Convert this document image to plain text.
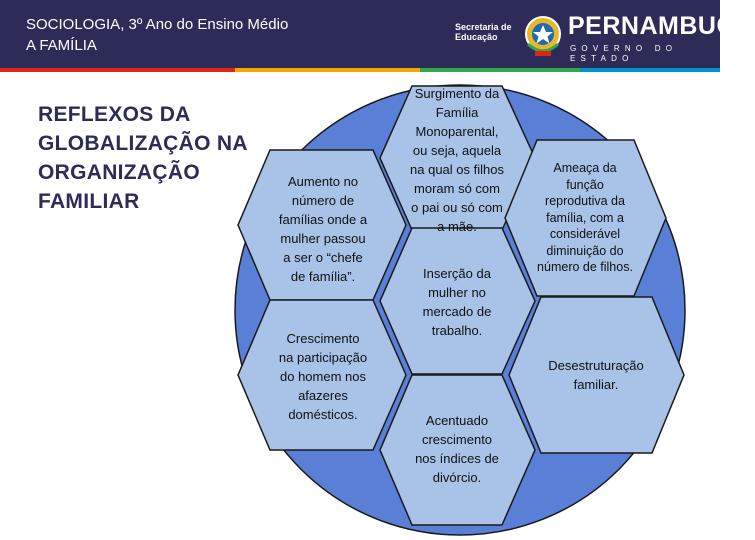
SOCIOLOGIA, 3º Ano do Ensino Médio
A FAMÍLIA
Secretaria de
Educação	PERNAMBUCO
GOVERNO DO ESTADO
REFLEXOS DA
GLOBALIZAÇÃO NA
ORGANIZAÇÃO
FAMILIAR
Surgimento da
Família
Monoparental,
ou seja, aquela
na qual os filhos
moram só com
o pai ou só com
a mãe.
Aumento no
número de
famílias onde a
mulher passou
a ser o “chefe
de família”.
Ameaça da
função
reprodutiva da
família, com a
considerável
diminuição do
número de filhos.
Inserção da
mulher no
mercado de
trabalho.
Crescimento
na participação
do homem nos
afazeres
domésticos.
Desestruturação
familiar.
Acentuado
crescimento
nos índices de
divórcio.
